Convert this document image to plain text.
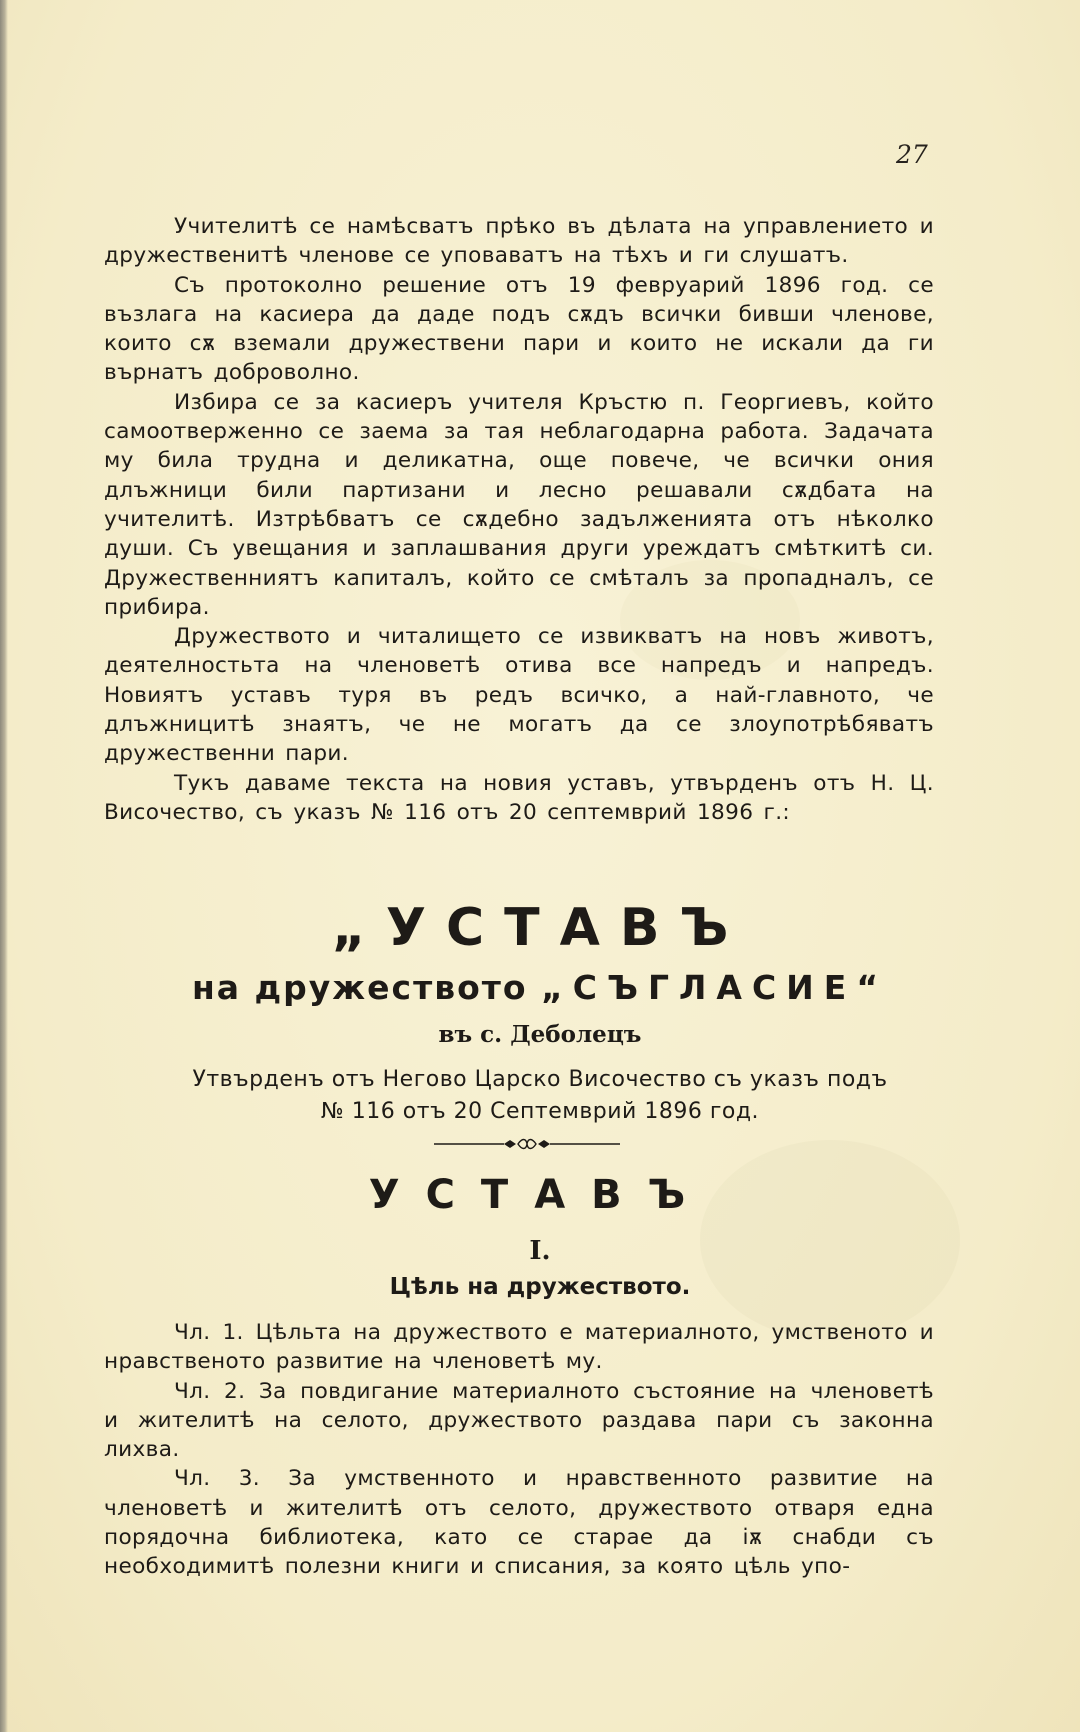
27

Учителитѣ се намѣсватъ прѣко въ дѣлата на управлението и дружественитѣ членове се уповаватъ на тѣхъ и ги слушатъ.

Съ протоколно решение отъ 19 февруарий 1896 год. се възлага на касиера да даде подъ сѫдъ всички бивши членове, които сѫ вземали дружествени пари и които не искали да ги върнатъ доброволно.

Избира се за касиеръ учителя Кръстю п. Георгиевъ, който самоотверженно се заема за тая неблагодарна работа. Задачата му била трудна и деликатна, още повече, че всички ония длъжници били партизани и лесно решавали сѫдбата на учителитѣ. Изтрѣбватъ се сѫдебно задълженията отъ нѣколко души. Съ увещания и заплашвания други уреждатъ смѣткитѣ си. Дружественниятъ капиталъ, който се смѣталъ за пропадналъ, се прибира.

Дружеството и читалището се извикватъ на новъ животъ, деятелностьта на членоветѣ отива все напредъ и напредъ. Новиятъ уставъ туря въ редъ всичко, а най-главното, че длъжницитѣ знаятъ, че не могатъ да се злоупотрѣбяватъ дружественни пари.

Тукъ даваме текста на новия уставъ, утвърденъ отъ Н. Ц. Височество, съ указъ № 116 отъ 20 септемврий 1896 г.:

„УСТАВЪ
на дружеството „СЪГЛАСИЕ“
въ с. Деболецъ
Утвърденъ отъ Негово Царско Височество съ указъ подъ
№ 116 отъ 20 Септемврий 1896 год.
УСТАВЪ
I.
Цѣль на дружеството.

Чл. 1. Цѣльта на дружеството е материалното, умственото и нравственото развитие на членоветѣ му.

Чл. 2. За повдигание материалното състояние на членоветѣ и жителитѣ на селото, дружеството раздава пари съ законна лихва.

Чл. 3. За умственното и нравственното развитие на членоветѣ и жителитѣ отъ селото, дружеството отваря една порядочна библиотека, като се старае да іѫ снабди съ необходимитѣ полезни книги и списания, за която цѣль упо-
